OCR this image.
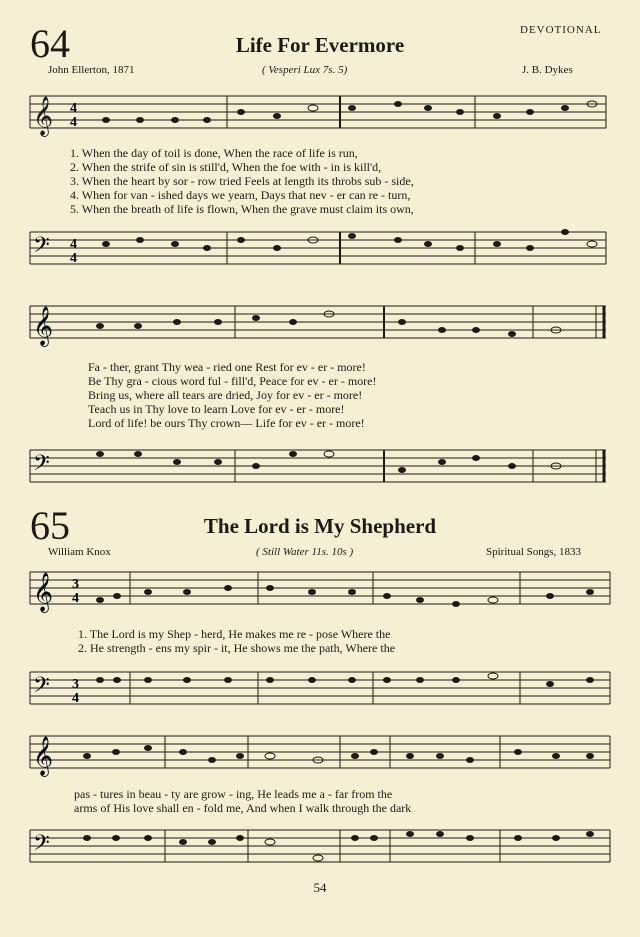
DEVOTIONAL
64	Life For Evermore
John Ellerton, 1871	( Vesperi Lux 7s. 5)	J. B. Dykes
𝄞 4
4
1. When the day of toil is done, When the race of life is run,
2. When the strife of sin is still'd, When the foe with - in is kill'd,
3. When the heart by sor - row tried Feels at length its throbs sub - side,
4. When for van - ished days we yearn, Days that nev - er can re - turn,
5. When the breath of life is flown, When the grave must claim its own,
𝄢 4
4
𝄞
Fa - ther, grant Thy wea - ried one Rest for ev - er - more!
Be Thy gra - cious word ful - fill'd, Peace for ev - er - more!
Bring us, where all tears are dried, Joy for ev - er - more!
Teach us in Thy love to learn Love for ev - er - more!
Lord of life! be ours Thy crown— Life for ev - er - more!
𝄢
65	The Lord is My Shepherd
William Knox	( Still Water 11s. 10s )	Spiritual Songs, 1833
𝄞 3
4
1. The Lord is my Shep - herd, He makes me re - pose Where the
2. He strength - ens my spir - it, He shows me the path, Where the
𝄢 3
4
𝄞
pas - tures in beau - ty are grow - ing, He leads me a - far from the
arms of His love shall en - fold me, And when I walk through the dark
𝄢
54
